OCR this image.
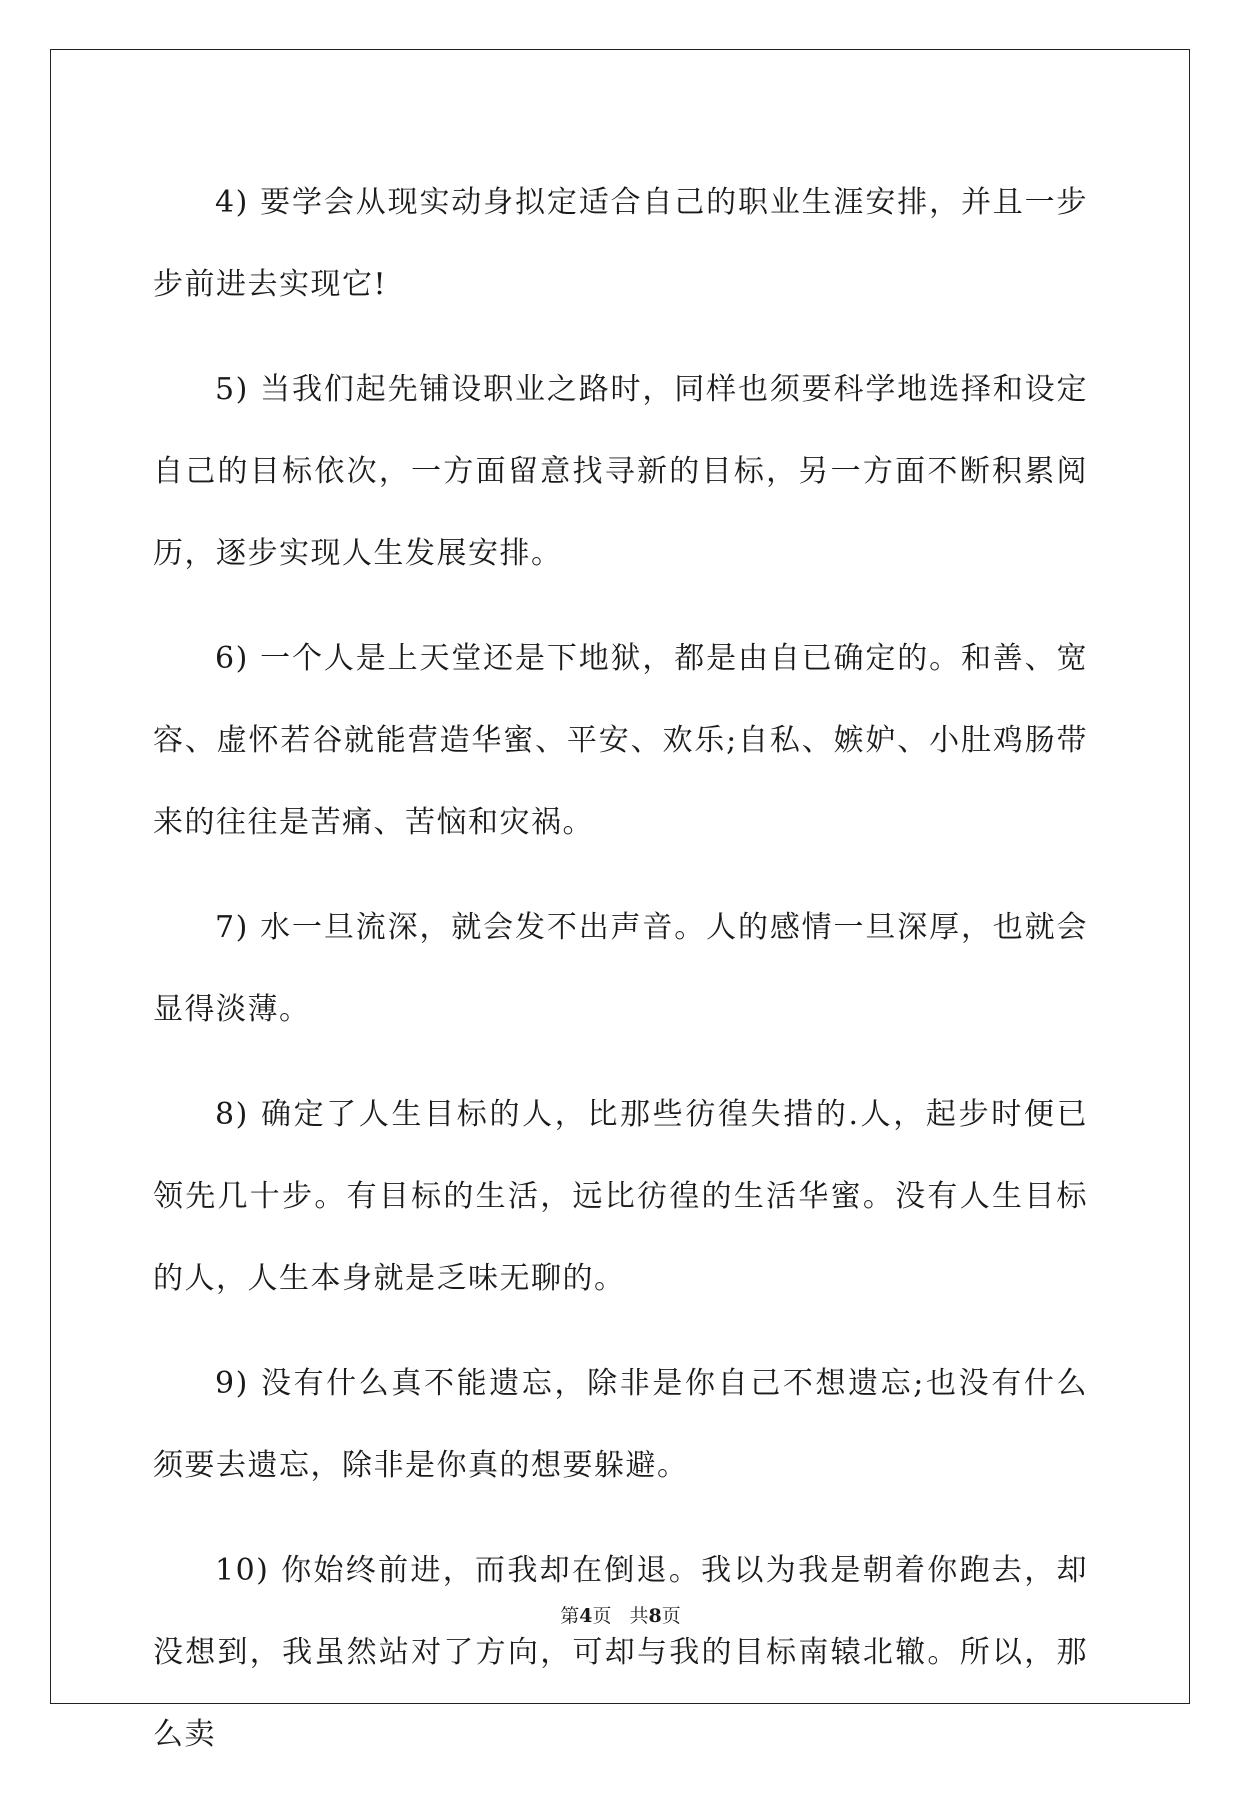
4) 要学会从现实动身拟定适合自己的职业生涯安排，并且一步步前进去实现它!

5) 当我们起先铺设职业之路时，同样也须要科学地选择和设定自己的目标依次，一方面留意找寻新的目标，另一方面不断积累阅历，逐步实现人生发展安排。

6) 一个人是上天堂还是下地狱，都是由自已确定的。和善、宽容、虚怀若谷就能营造华蜜、平安、欢乐;自私、嫉妒、小肚鸡肠带来的往往是苦痛、苦恼和灾祸。

7) 水一旦流深，就会发不出声音。人的感情一旦深厚，也就会显得淡薄。

8) 确定了人生目标的人，比那些彷徨失措的.人，起步时便已领先几十步。有目标的生活，远比彷徨的生活华蜜。没有人生目标的人，人生本身就是乏味无聊的。

9) 没有什么真不能遗忘，除非是你自己不想遗忘;也没有什么须要去遗忘，除非是你真的想要躲避。

10) 你始终前进，而我却在倒退。我以为我是朝着你跑去，却没想到，我虽然站对了方向，可却与我的目标南辕北辙。所以，那么卖

第4页 共8页
